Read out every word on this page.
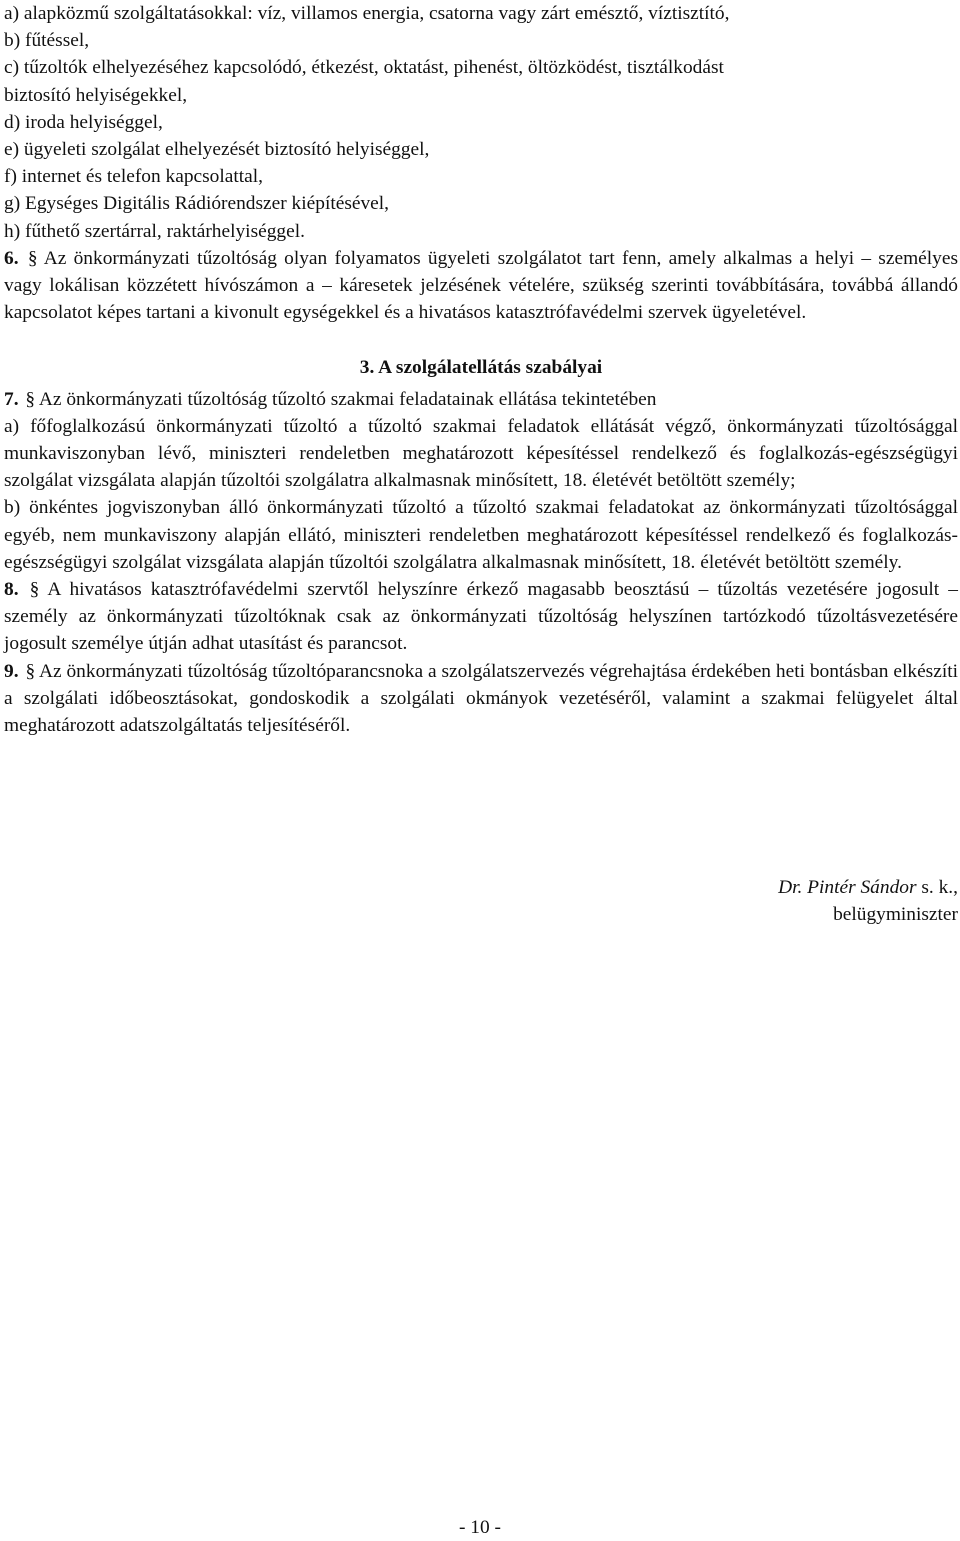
a) alapközmű szolgáltatásokkal: víz, villamos energia, csatorna vagy zárt emésztő, víztisztító,
b) fűtéssel,
c) tűzoltók elhelyezéséhez kapcsolódó, étkezést, oktatást, pihenést, öltözködést, tisztálkodást
biztosító helyiségekkel,
d) iroda helyiséggel,
e) ügyeleti szolgálat elhelyezését biztosító helyiséggel,
f) internet és telefon kapcsolattal,
g) Egységes Digitális Rádiórendszer kiépítésével,
h) fűthető szertárral, raktárhelyiséggel.

6. § Az önkormányzati tűzoltóság olyan folyamatos ügyeleti szolgálatot tart fenn, amely alkalmas a helyi – személyes vagy lokálisan közzétett hívószámon a – káresetek jelzésének vételére, szükség szerinti továbbítására, továbbá állandó kapcsolatot képes tartani a kivonult egységekkel és a hivatásos katasztrófavédelmi szervek ügyeletével.

3. A szolgálatellátás szabályai

7. § Az önkormányzati tűzoltóság tűzoltó szakmai feladatainak ellátása tekintetében

a) főfoglalkozású önkormányzati tűzoltó a tűzoltó szakmai feladatok ellátását végző, önkormányzati tűzoltósággal munkaviszonyban lévő, miniszteri rendeletben meghatározott képesítéssel rendelkező és foglalkozás-egészségügyi szolgálat vizsgálata alapján tűzoltói szolgálatra alkalmasnak minősített, 18. életévét betöltött személy;

b) önkéntes jogviszonyban álló önkormányzati tűzoltó a tűzoltó szakmai feladatokat az önkormányzati tűzoltósággal egyéb, nem munkaviszony alapján ellátó, miniszteri rendeletben meghatározott képesítéssel rendelkező és foglalkozás-egészségügyi szolgálat vizsgálata alapján tűzoltói szolgálatra alkalmasnak minősített, 18. életévét betöltött személy.

8. § A hivatásos katasztrófavédelmi szervtől helyszínre érkező magasabb beosztású – tűzoltás vezetésére jogosult – személy az önkormányzati tűzoltóknak csak az önkormányzati tűzoltóság helyszínen tartózkodó tűzoltásvezetésére jogosult személye útján adhat utasítást és parancsot.

9. § Az önkormányzati tűzoltóság tűzoltóparancsnoka a szolgálatszervezés végrehajtása érdekében heti bontásban elkészíti a szolgálati időbeosztásokat, gondoskodik a szolgálati okmányok vezetéséről, valamint a szakmai felügyelet által meghatározott adatszolgáltatás teljesítéséről.

Dr. Pintér Sándor s. k.,
belügyminiszter
- 10 -
